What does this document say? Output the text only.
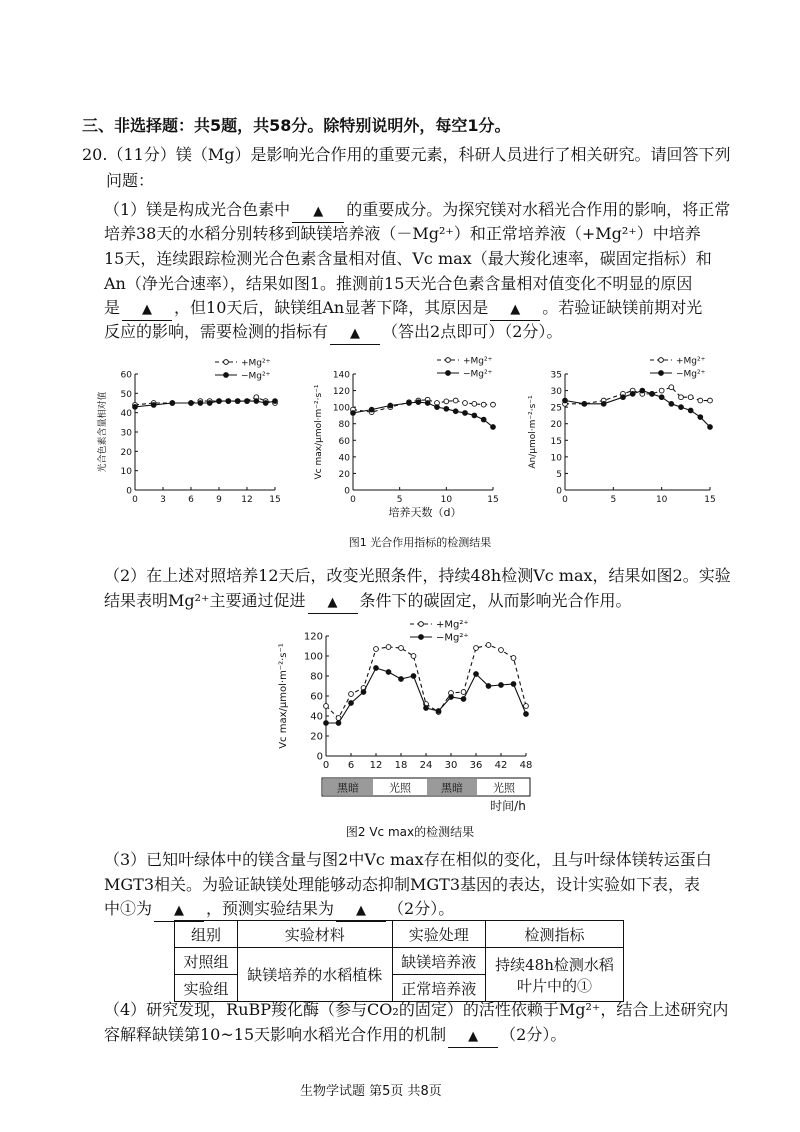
三、非选择题：共5题，共58分。除特别说明外，每空1分。
20.（11分）镁（Mg）是影响光合作用的重要元素，科研人员进行了相关研究。请回答下列
问题：
（1）镁是构成光合色素中 ▲ 的重要成分。为探究镁对水稻光合作用的影响，将正常
培养38天的水稻分别转移到缺镁培养液（－Mg²⁺）和正常培养液（+Mg²⁺）中培养
15天，连续跟踪检测光合色素含量相对值、Vc max（最大羧化速率，碳固定指标）和
An（净光合速率），结果如图1。推测前15天光合色素含量相对值变化不明显的原因
是 ▲ ，但10天后，缺镁组An显著下降，其原因是 ▲ 。若验证缺镁前期对光
反应的影响，需要检测的指标有 ▲ （答出2点即可）（2分）。
0
10
20
30
40
50
60
0 3 6 9 12 15
光合色素含量相对值
+Mg²⁺
−Mg²⁺
0
20
40
60
80
100
120
140
0	5	10	15
Vc max/μmol·m⁻²·s⁻¹
+Mg²⁺
−Mg²⁺
0
5
10
15
20
25
30
35
0	5	10	15
An/μmol·m⁻²·s⁻¹
+Mg²⁺
−Mg²⁺
培养天数（d）
图1 光合作用指标的检测结果
（2）在上述对照培养12天后，改变光照条件，持续48h检测Vc max，结果如图2。实验
结果表明Mg²⁺主要通过促进 ▲ 条件下的碳固定，从而影响光合作用。
0
20
40
60
80
100
120
0 6 12 18 24 30 36 42 48
Vc max/μmol·m⁻²·s⁻¹
+Mg²⁺
−Mg²⁺
黑暗	光照	黑暗	光照
时间/h
图2 Vc max的检测结果
（3）已知叶绿体中的镁含量与图2中Vc max存在相似的变化，且与叶绿体镁转运蛋白
MGT3相关。为验证缺镁处理能够动态抑制MGT3基因的表达，设计实验如下表，表
中①为 ▲ ，预测实验结果为 ▲ （2分）。
组别	实验材料	实验处理	检测指标
对照组	缺镁培养的水稻植株	缺镁培养液	持续48h检测水稻
叶片中的①

实验组		正常培养液	
（4）研究发现，RuBP羧化酶（参与CO₂的固定）的活性依赖于Mg²⁺，结合上述研究内
容解释缺镁第10~15天影响水稻光合作用的机制 ▲ （2分）。
生物学试题 第5页 共8页
